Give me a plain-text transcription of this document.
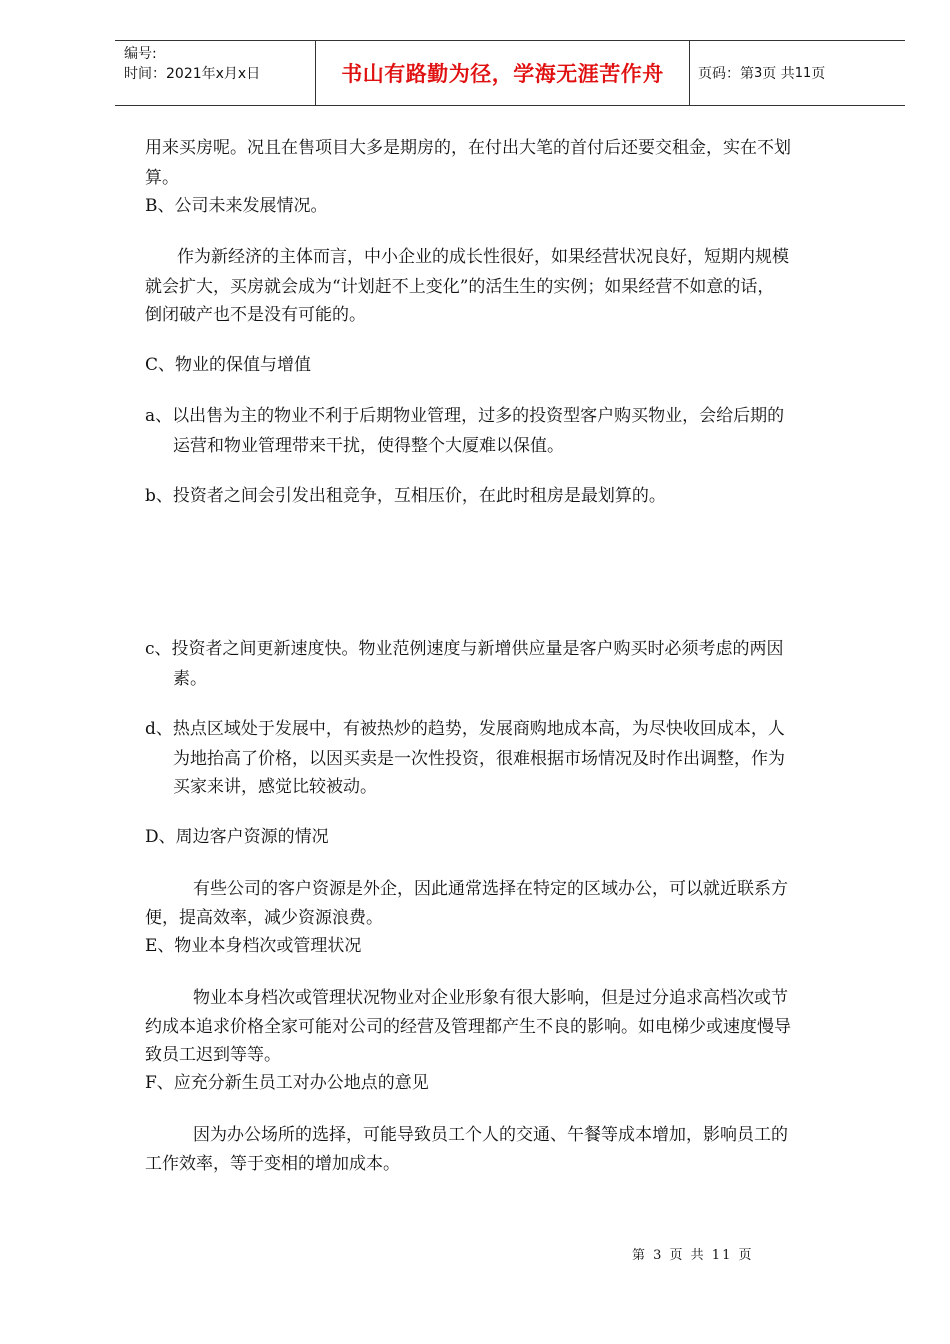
编号:
时间：2021年x月x日	书山有路勤为径，学海无涯苦作舟	页码：第 3 页 共 11 页
用来买房呢。况且在售项目大多是期房的，在付出大笔的首付后还要交租金，实在不划
算。
B、公司未来发展情况。
作为新经济的主体而言，中小企业的成长性很好，如果经营状况良好，短期内规模
就会扩大，买房就会成为“计划赶不上变化”的活生生的实例；如果经营不如意的话，
倒闭破产也不是没有可能的。
C、物业的保值与增值
a、以出售为主的物业不利于后期物业管理，过多的投资型客户购买物业，会给后期的
运营和物业管理带来干扰，使得整个大厦难以保值。
b、投资者之间会引发出租竞争，互相压价，在此时租房是最划算的。
c、投资者之间更新速度快。物业范例速度与新增供应量是客户购买时必须考虑的两因
素。
d、热点区域处于发展中，有被热炒的趋势，发展商购地成本高，为尽快收回成本，人
为地抬高了价格，以因买卖是一次性投资，很难根据市场情况及时作出调整，作为
买家来讲，感觉比较被动。
D、周边客户资源的情况
有些公司的客户资源是外企，因此通常选择在特定的区域办公，可以就近联系方
便，提高效率，减少资源浪费。
E、物业本身档次或管理状况
物业本身档次或管理状况物业对企业形象有很大影响，但是过分追求高档次或节
约成本追求价格全家可能对公司的经营及管理都产生不良的影响。如电梯少或速度慢导
致员工迟到等等。
F、应充分新生员工对办公地点的意见
因为办公场所的选择，可能导致员工个人的交通、午餐等成本增加，影响员工的
工作效率，等于变相的增加成本。
第 3 页 共 11 页
